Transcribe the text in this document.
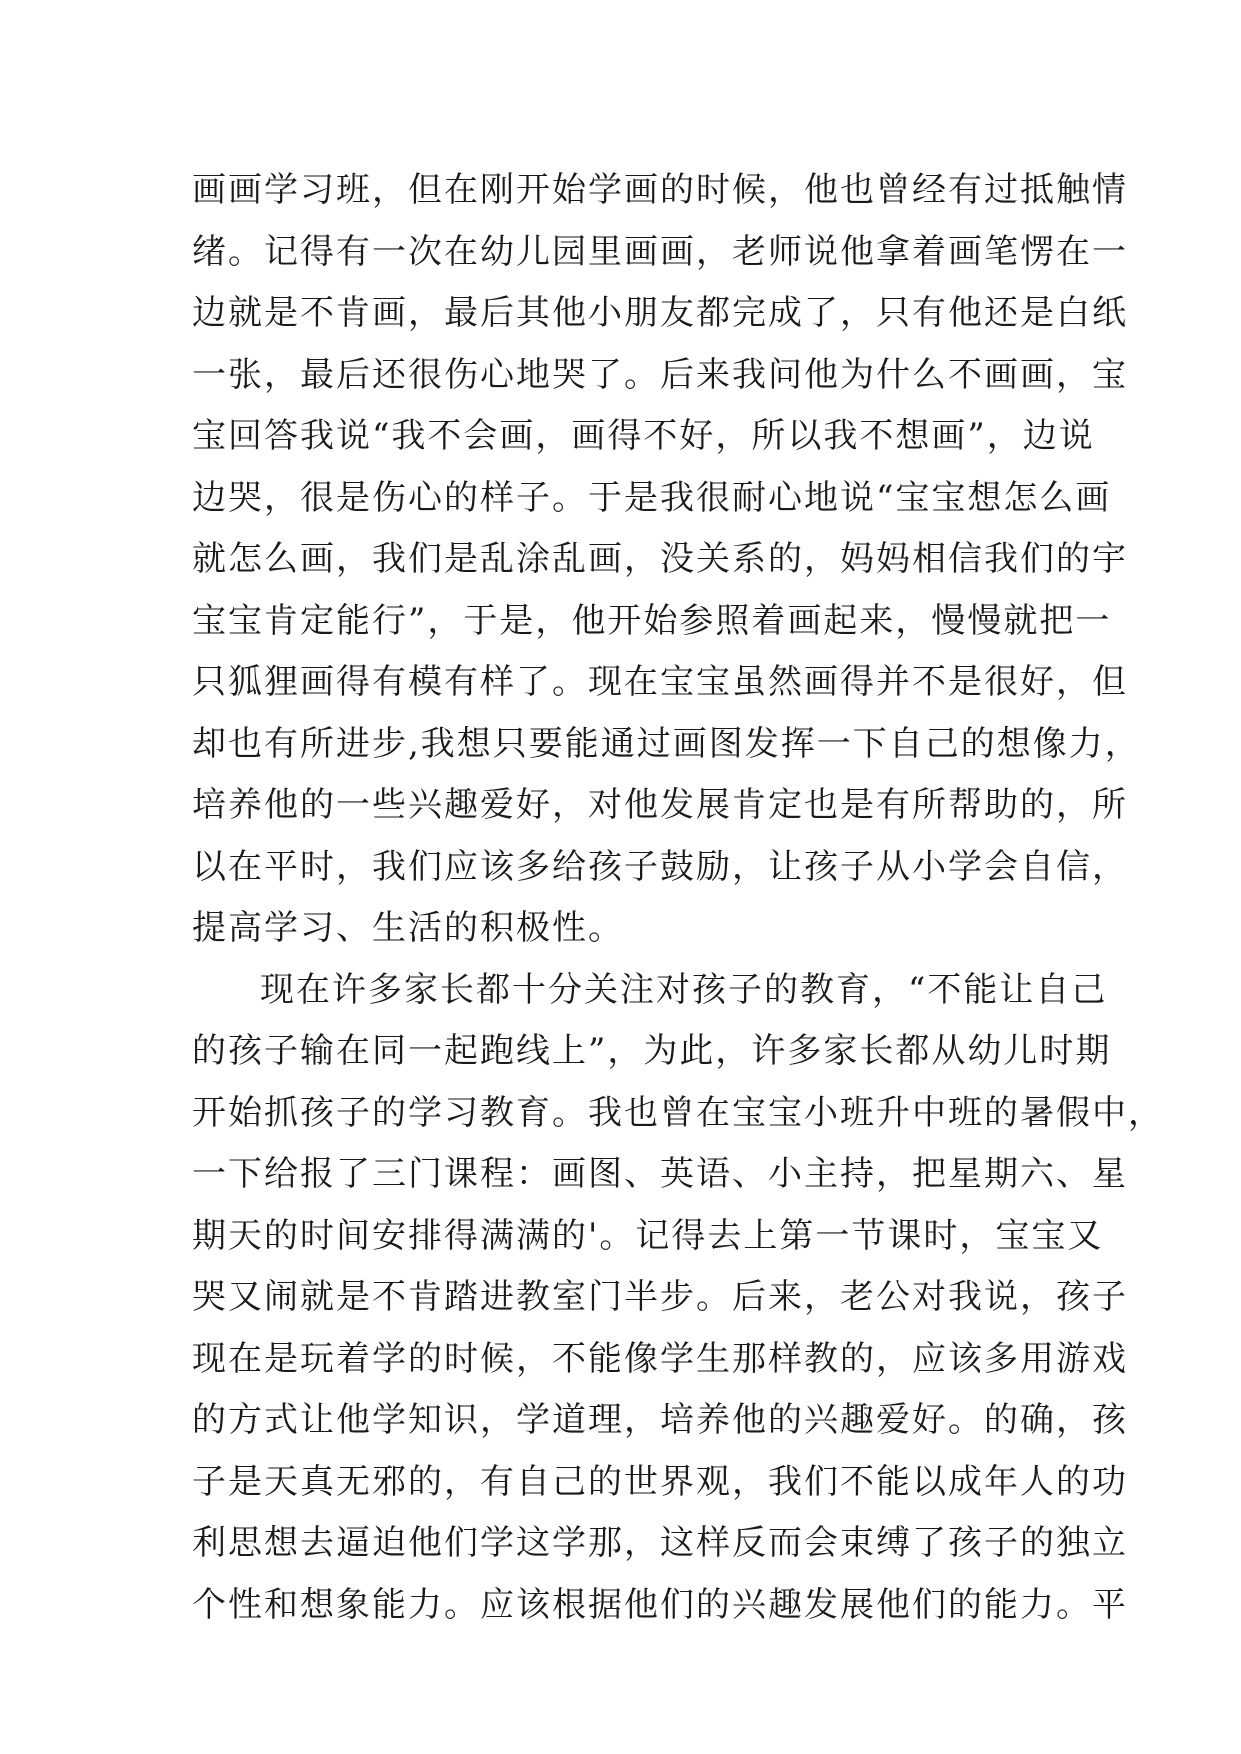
画画学习班，但在刚开始学画的时候，他也曾经有过抵触情
绪。记得有一次在幼儿园里画画，老师说他拿着画笔愣在一
边就是不肯画，最后其他小朋友都完成了，只有他还是白纸
一张，最后还很伤心地哭了。后来我问他为什么不画画，宝
宝回答我说“我不会画，画得不好，所以我不想画”，边说
边哭，很是伤心的样子。于是我很耐心地说“宝宝想怎么画
就怎么画，我们是乱涂乱画，没关系的，妈妈相信我们的宇
宝宝肯定能行”，于是，他开始参照着画起来，慢慢就把一
只狐狸画得有模有样了。现在宝宝虽然画得并不是很好，但
却也有所进步,我想只要能通过画图发挥一下自己的想像力，
培养他的一些兴趣爱好，对他发展肯定也是有所帮助的，所
以在平时，我们应该多给孩子鼓励，让孩子从小学会自信，
提高学习、生活的积极性。
现在许多家长都十分关注对孩子的教育，“不能让自己
的孩子输在同一起跑线上”，为此，许多家长都从幼儿时期
开始抓孩子的学习教育。我也曾在宝宝小班升中班的暑假中，
一下给报了三门课程：画图、英语、小主持，把星期六、星
期天的时间安排得满满的'。记得去上第一节课时，宝宝又
哭又闹就是不肯踏进教室门半步。后来，老公对我说，孩子
现在是玩着学的时候，不能像学生那样教的，应该多用游戏
的方式让他学知识，学道理，培养他的兴趣爱好。的确，孩
子是天真无邪的，有自己的世界观，我们不能以成年人的功
利思想去逼迫他们学这学那，这样反而会束缚了孩子的独立
个性和想象能力。应该根据他们的兴趣发展他们的能力。平
